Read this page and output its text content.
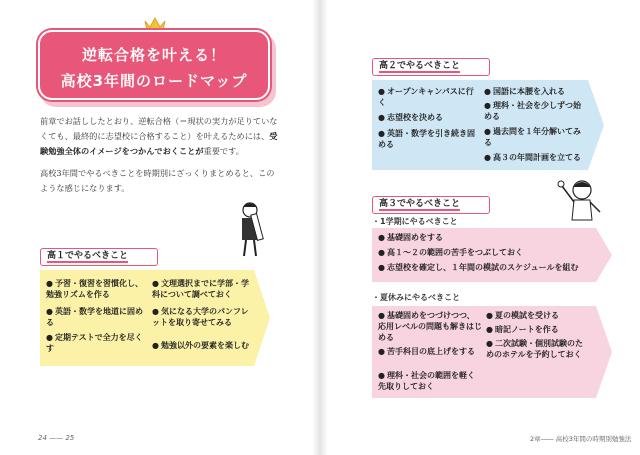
逆転合格を叶える！
高校3年間のロードマップ
前章でお話ししたとおり、逆転合格（＝現状の実力が足りていなくても、最終的に志望校に合格すること）を叶えるためには、受験勉強全体のイメージをつかんでおくことが重要です。
高校3年間でやるべきことを時期別にざっくりまとめると、このような感じになります。
高１でやるべきこと
● 予習・復習を習慣化し、勉強リズムを作る
● 英語・数学を地道に固める
● 定期テストで全力を尽くす
● 文理選択までに学部・学科について調べておく
● 気になる大学のパンフレットを取り寄せてみる
● 勉強以外の要素を楽しむ
24 —— 25
高２でやるべきこと
● オープンキャンパスに行く
● 志望校を決める
● 英語・数学を引き続き固める
● 国語に本腰を入れる
● 理科・社会を少しずつ始める
● 過去問を１年分解いてみる
● 高３の年間計画を立てる
高３でやるべきこと
・1学期にやるべきこと
● 基礎固めをする
● 高１～２の範囲の苦手をつぶしておく
● 志望校を確定し、１年間の模試のスケジュールを組む
・夏休みにやるべきこと
● 基礎固めをつづけつつ、応用レベルの問題も解きはじめる
● 苦手科目の底上げをする
● 理科・社会の範囲を軽く先取りしておく
● 夏の模試を受ける
● 暗記ノートを作る
● 二次試験・個別試験のためのホテルを予約しておく
2章―― 高校3年間の時期別勉強法
